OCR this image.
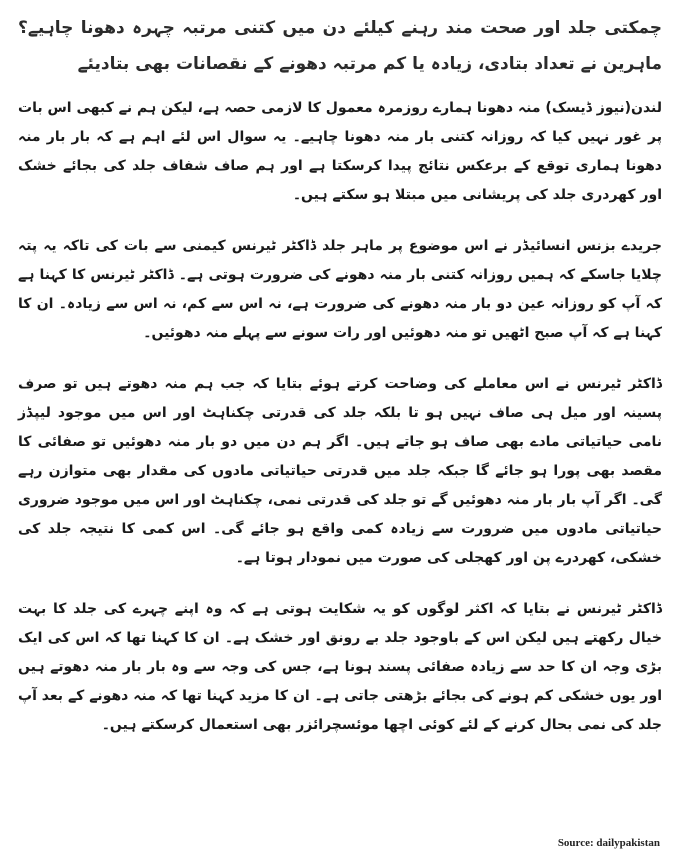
چمکتی جلد اور صحت مند رہنے کیلئے دن میں کتنی مرتبہ چہرہ دھونا چاہیے؟ ماہرین نے تعداد بتادی، زیادہ یا کم مرتبہ دھونے کے نقصانات بھی بتادیئے

لندن(نیوز ڈیسک) منہ دھونا ہمارے روزمرہ معمول کا لازمی حصہ ہے، لیکن ہم نے کبھی اس بات پر غور نہیں کیا کہ روزانہ کتنی بار منہ دھونا چاہیے۔ یہ سوال اس لئے اہم ہے کہ بار بار منہ دھونا ہماری توقع کے برعکس نتائج پیدا کرسکتا ہے اور ہم صاف شفاف جلد کی بجائے خشک اور کھردری جلد کی پریشانی میں مبتلا ہو سکتے ہیں۔

جریدے بزنس انسائیڈر نے اس موضوع پر ماہر جلد ڈاکٹر ٹیرنس کیمنی سے بات کی تاکہ یہ پتہ چلایا جاسکے کہ ہمیں روزانہ کتنی بار منہ دھونے کی ضرورت ہوتی ہے۔ ڈاکٹر ٹیرنس کا کہنا ہے کہ آپ کو روزانہ عین دو بار منہ دھونے کی ضرورت ہے، نہ اس سے کم، نہ اس سے زیادہ۔ ان کا کہنا ہے کہ آپ صبح اٹھیں تو منہ دھوئیں اور رات سونے سے پہلے منہ دھوئیں۔

ڈاکٹر ٹیرنس نے اس معاملے کی وضاحت کرتے ہوئے بتایا کہ جب ہم منہ دھوتے ہیں تو صرف پسینہ اور میل ہی صاف نہیں ہو تا بلکہ جلد کی قدرتی چکناہٹ اور اس میں موجود لیپڈز نامی حیاتیاتی مادے بھی صاف ہو جاتے ہیں۔ اگر ہم دن میں دو بار منہ دھوئیں تو صفائی کا مقصد بھی پورا ہو جائے گا جبکہ جلد میں قدرتی حیاتیاتی مادوں کی مقدار بھی متوازن رہے گی۔ اگر آپ بار بار منہ دھوئیں گے تو جلد کی قدرتی نمی، چکناہٹ اور اس میں موجود ضروری حیاتیاتی مادوں میں ضرورت سے زیادہ کمی واقع ہو جائے گی۔ اس کمی کا نتیجہ جلد کی خشکی، کھردرے پن اور کھجلی کی صورت میں نمودار ہوتا ہے۔

ڈاکٹر ٹیرنس نے بتایا کہ اکثر لوگوں کو یہ شکایت ہوتی ہے کہ وہ اپنے چہرے کی جلد کا بہت خیال رکھتے ہیں لیکن اس کے باوجود جلد بے رونق اور خشک ہے۔ ان کا کہنا تھا کہ اس کی ایک بڑی وجہ ان کا حد سے زیادہ صفائی پسند ہونا ہے، جس کی وجہ سے وہ بار بار منہ دھوتے ہیں اور یوں خشکی کم ہونے کی بجائے بڑھتی جاتی ہے۔ ان کا مزید کہنا تھا کہ منہ دھونے کے بعد آپ جلد کی نمی بحال کرنے کے لئے کوئی اچھا موئسچرائزر بھی استعمال کرسکتے ہیں۔

Source: dailypakistan
